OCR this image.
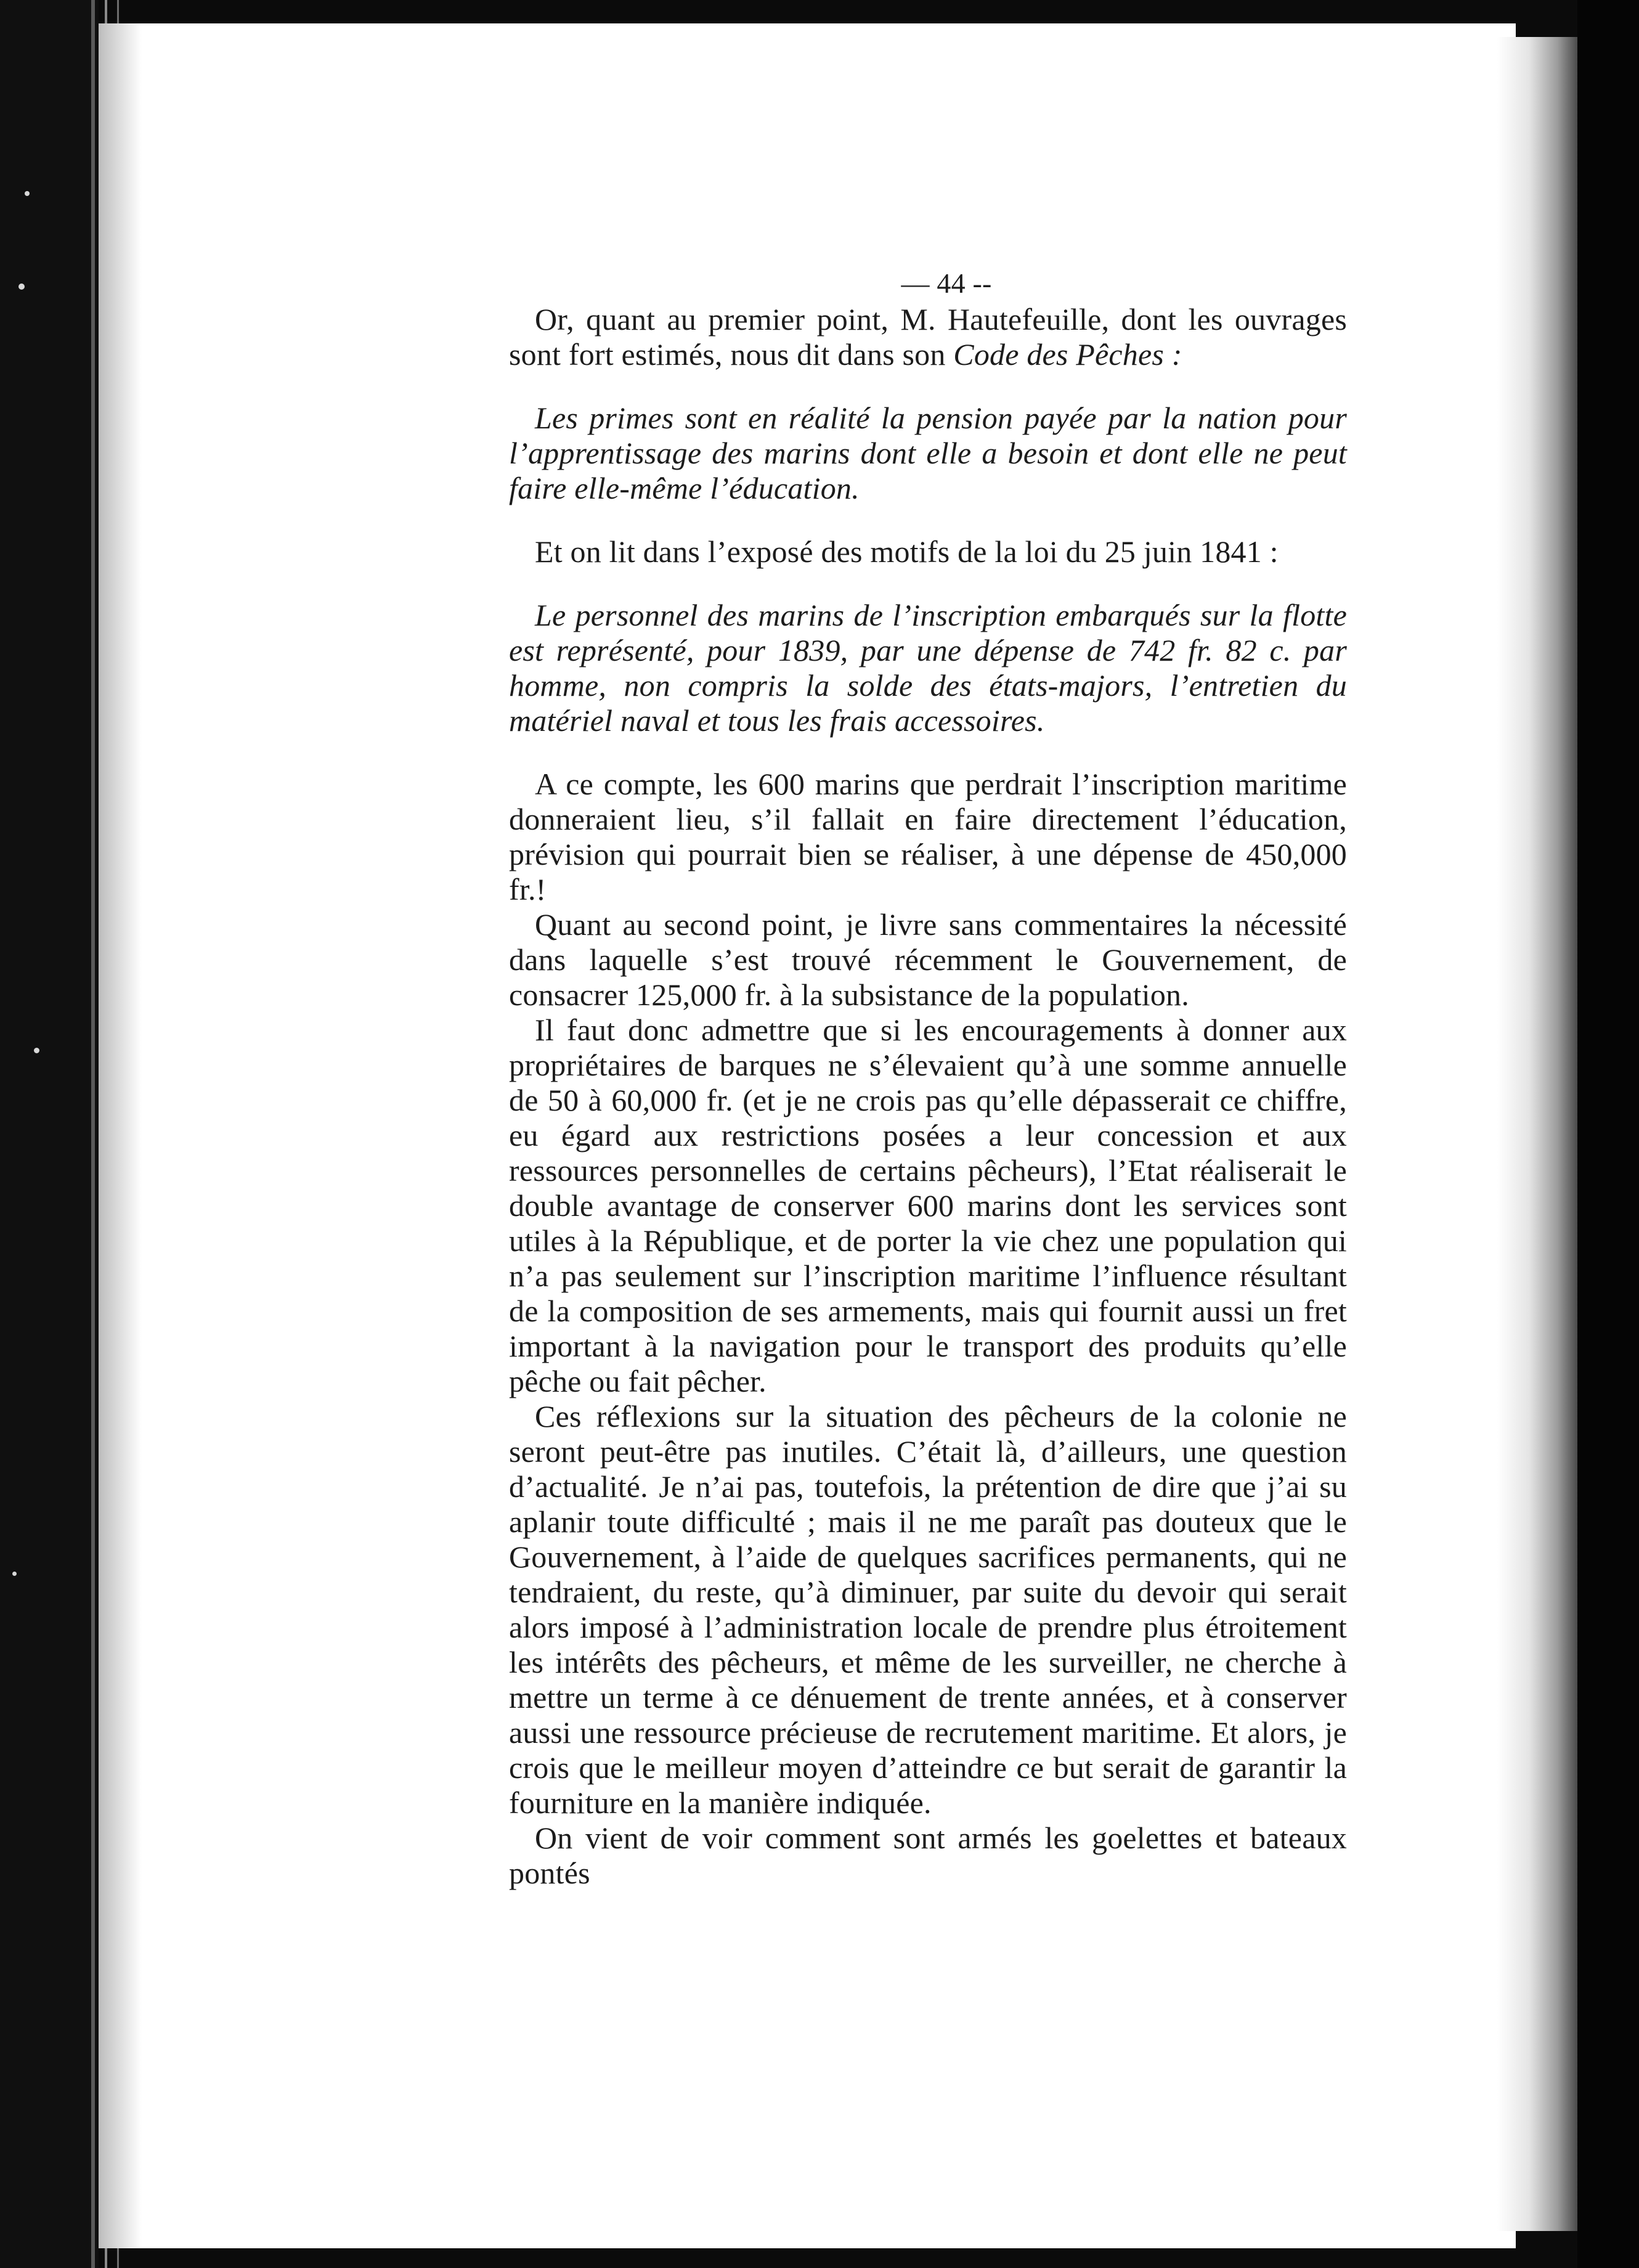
— 44 --

Or, quant au premier point, M. Hautefeuille, dont les ouvrages sont fort estimés, nous dit dans son Code des Pêches :

Les primes sont en réalité la pension payée par la nation pour l’apprentissage des marins dont elle a besoin et dont elle ne peut faire elle-même l’éducation.

Et on lit dans l’exposé des motifs de la loi du 25 juin 1841 :

Le personnel des marins de l’inscription embarqués sur la flotte est représenté, pour 1839, par une dépense de 742 fr. 82 c. par homme, non compris la solde des états-majors, l’entretien du matériel naval et tous les frais accessoires.

A ce compte, les 600 marins que perdrait l’inscription maritime donneraient lieu, s’il fallait en faire directement l’éducation, prévision qui pourrait bien se réaliser, à une dépense de 450,000 fr.!

Quant au second point, je livre sans commentaires la nécessité dans laquelle s’est trouvé récemment le Gouvernement, de consacrer 125,000 fr. à la subsistance de la population.

Il faut donc admettre que si les encouragements à donner aux propriétaires de barques ne s’élevaient qu’à une somme annuelle de 50 à 60,000 fr. (et je ne crois pas qu’elle dépasserait ce chiffre, eu égard aux restrictions posées a leur concession et aux ressources personnelles de certains pêcheurs), l’Etat réaliserait le double avantage de conserver 600 marins dont les services sont utiles à la République, et de porter la vie chez une population qui n’a pas seulement sur l’inscription maritime l’influence résultant de la composition de ses armements, mais qui fournit aussi un fret important à la navigation pour le transport des produits qu’elle pêche ou fait pêcher.

Ces réflexions sur la situation des pêcheurs de la colonie ne seront peut-être pas inutiles. C’était là, d’ailleurs, une question d’actualité. Je n’ai pas, toutefois, la prétention de dire que j’ai su aplanir toute difficulté ; mais il ne me paraît pas douteux que le Gouvernement, à l’aide de quelques sacrifices permanents, qui ne tendraient, du reste, qu’à diminuer, par suite du devoir qui serait alors imposé à l’administration locale de prendre plus étroitement les intérêts des pêcheurs, et même de les surveiller, ne cherche à mettre un terme à ce dénuement de trente années, et à conserver aussi une ressource précieuse de recrutement maritime. Et alors, je crois que le meilleur moyen d’atteindre ce but serait de garantir la fourniture en la manière indiquée.

On vient de voir comment sont armés les goelettes et bateaux pontés
